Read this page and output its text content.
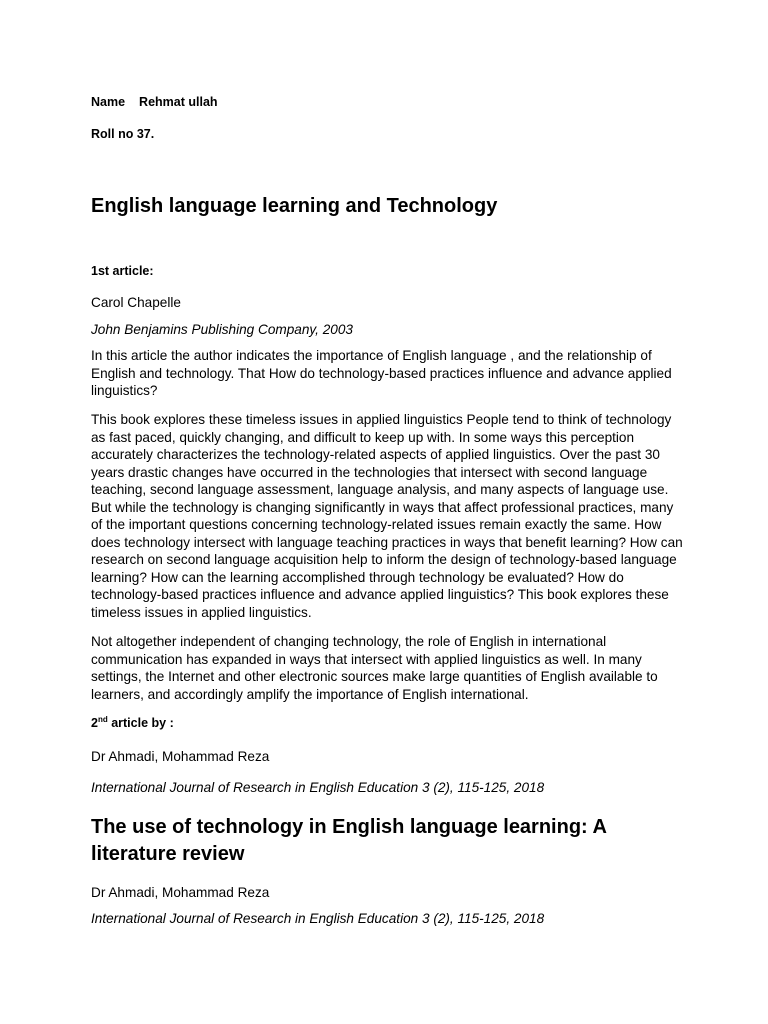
Name Rehmat ullah
Roll no 37.
English language learning and Technology
1st article:
Carol Chapelle
John Benjamins Publishing Company, 2003
In this article the author indicates the importance of English language , and the relationship of English and technology. That How do technology-based practices influence and advance applied linguistics?
This book explores these timeless issues in applied linguistics People tend to think of technology as fast paced, quickly changing, and difficult to keep up with. In some ways this perception accurately characterizes the technology-related aspects of applied linguistics. Over the past 30 years drastic changes have occurred in the technologies that intersect with second language teaching, second language assessment, language analysis, and many aspects of language use. But while the technology is changing significantly in ways that affect professional practices, many of the important questions concerning technology-related issues remain exactly the same. How does technology intersect with language teaching practices in ways that benefit learning? How can research on second language acquisition help to inform the design of technology-based language learning? How can the learning accomplished through technology be evaluated? How do technology-based practices influence and advance applied linguistics? This book explores these timeless issues in applied linguistics.
Not altogether independent of changing technology, the role of English in international communication has expanded in ways that intersect with applied linguistics as well. In many settings, the Internet and other electronic sources make large quantities of English available to learners, and accordingly amplify the importance of English international.
2nd article by :
Dr Ahmadi, Mohammad Reza
International Journal of Research in English Education 3 (2), 115-125, 2018
The use of technology in English language learning: A literature review
Dr Ahmadi, Mohammad Reza
International Journal of Research in English Education 3 (2), 115-125, 2018
